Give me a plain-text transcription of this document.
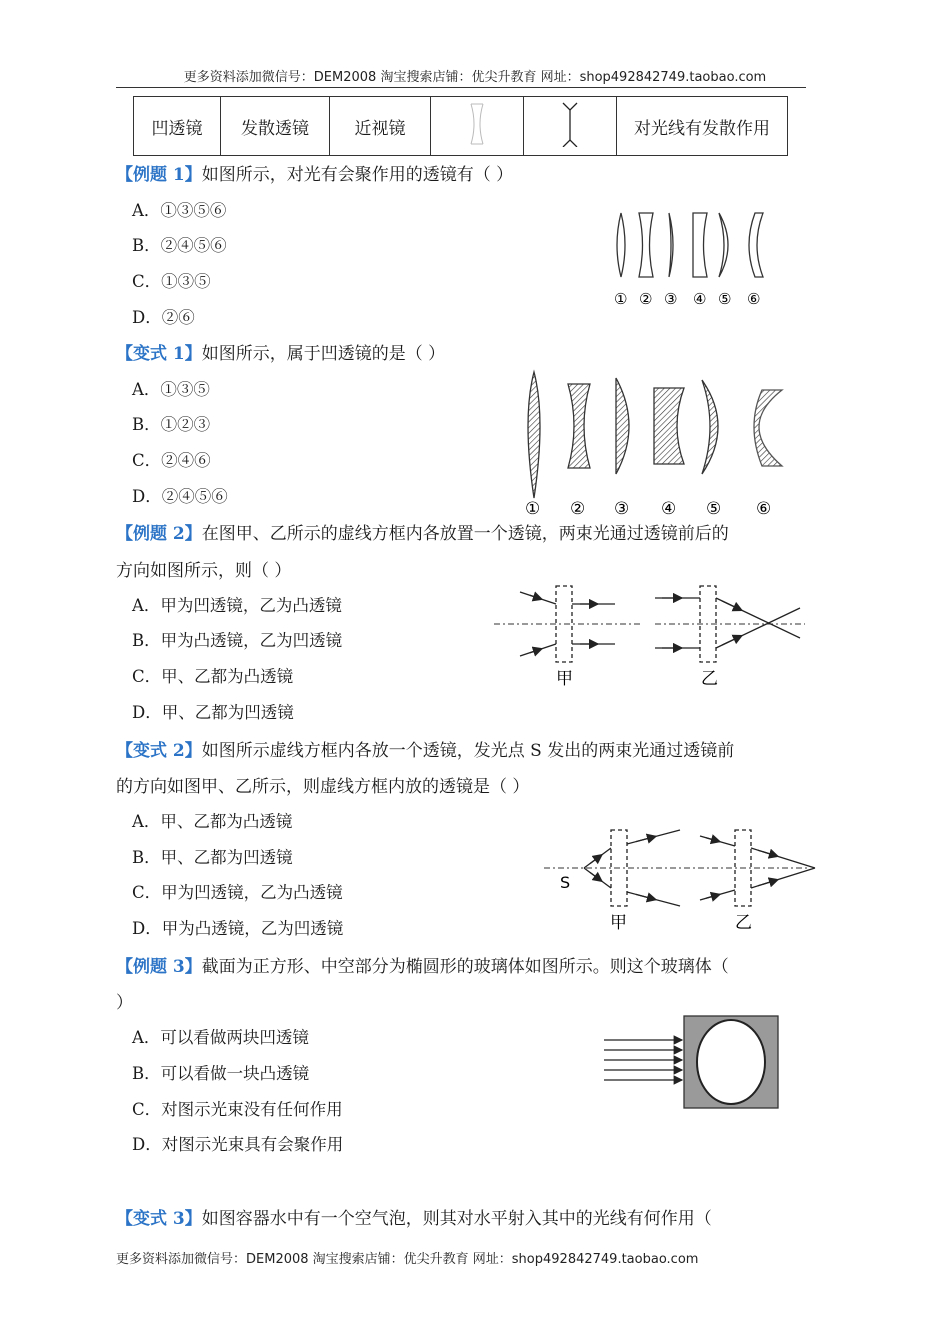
更多资料添加微信号：DEM2008 淘宝搜索店铺：优尖升教育 网址：shop492842749.taobao.com
凹透镜	发散透镜	近视镜			对光线有发散作用
【例题 1】如图所示，对光有会聚作用的透镜有（ ）
A．①③⑤⑥
B．②④⑤⑥
C．①③⑤
D．②⑥
① ② ③ ④ ⑤ ⑥
【变式 1】如图所示，属于凹透镜的是（ ）
A．①③⑤
B．①②③
C．②④⑥
D．②④⑤⑥
① ② ③ ④ ⑤ ⑥
【例题 2】在图甲、乙所示的虚线方框内各放置一个透镜，两束光通过透镜前后的
方向如图所示，则（ ）
A．甲为凹透镜，乙为凸透镜
B．甲为凸透镜，乙为凹透镜
C．甲、乙都为凸透镜
D．甲、乙都为凹透镜
甲	乙
【变式 2】如图所示虚线方框内各放一个透镜，发光点 S 发出的两束光通过透镜前
的方向如图甲、乙所示，则虚线方框内放的透镜是（ ）
A．甲、乙都为凸透镜
B．甲、乙都为凹透镜
C．甲为凹透镜，乙为凸透镜
D．甲为凸透镜，乙为凹透镜
S
甲	乙
【例题 3】截面为正方形、中空部分为椭圆形的玻璃体如图所示。则这个玻璃体（
）
A．可以看做两块凹透镜
B．可以看做一块凸透镜
C．对图示光束没有任何作用
D．对图示光束具有会聚作用
【变式 3】如图容器水中有一个空气泡，则其对水平射入其中的光线有何作用（
更多资料添加微信号：DEM2008 淘宝搜索店铺：优尖升教育 网址：shop492842749.taobao.com
